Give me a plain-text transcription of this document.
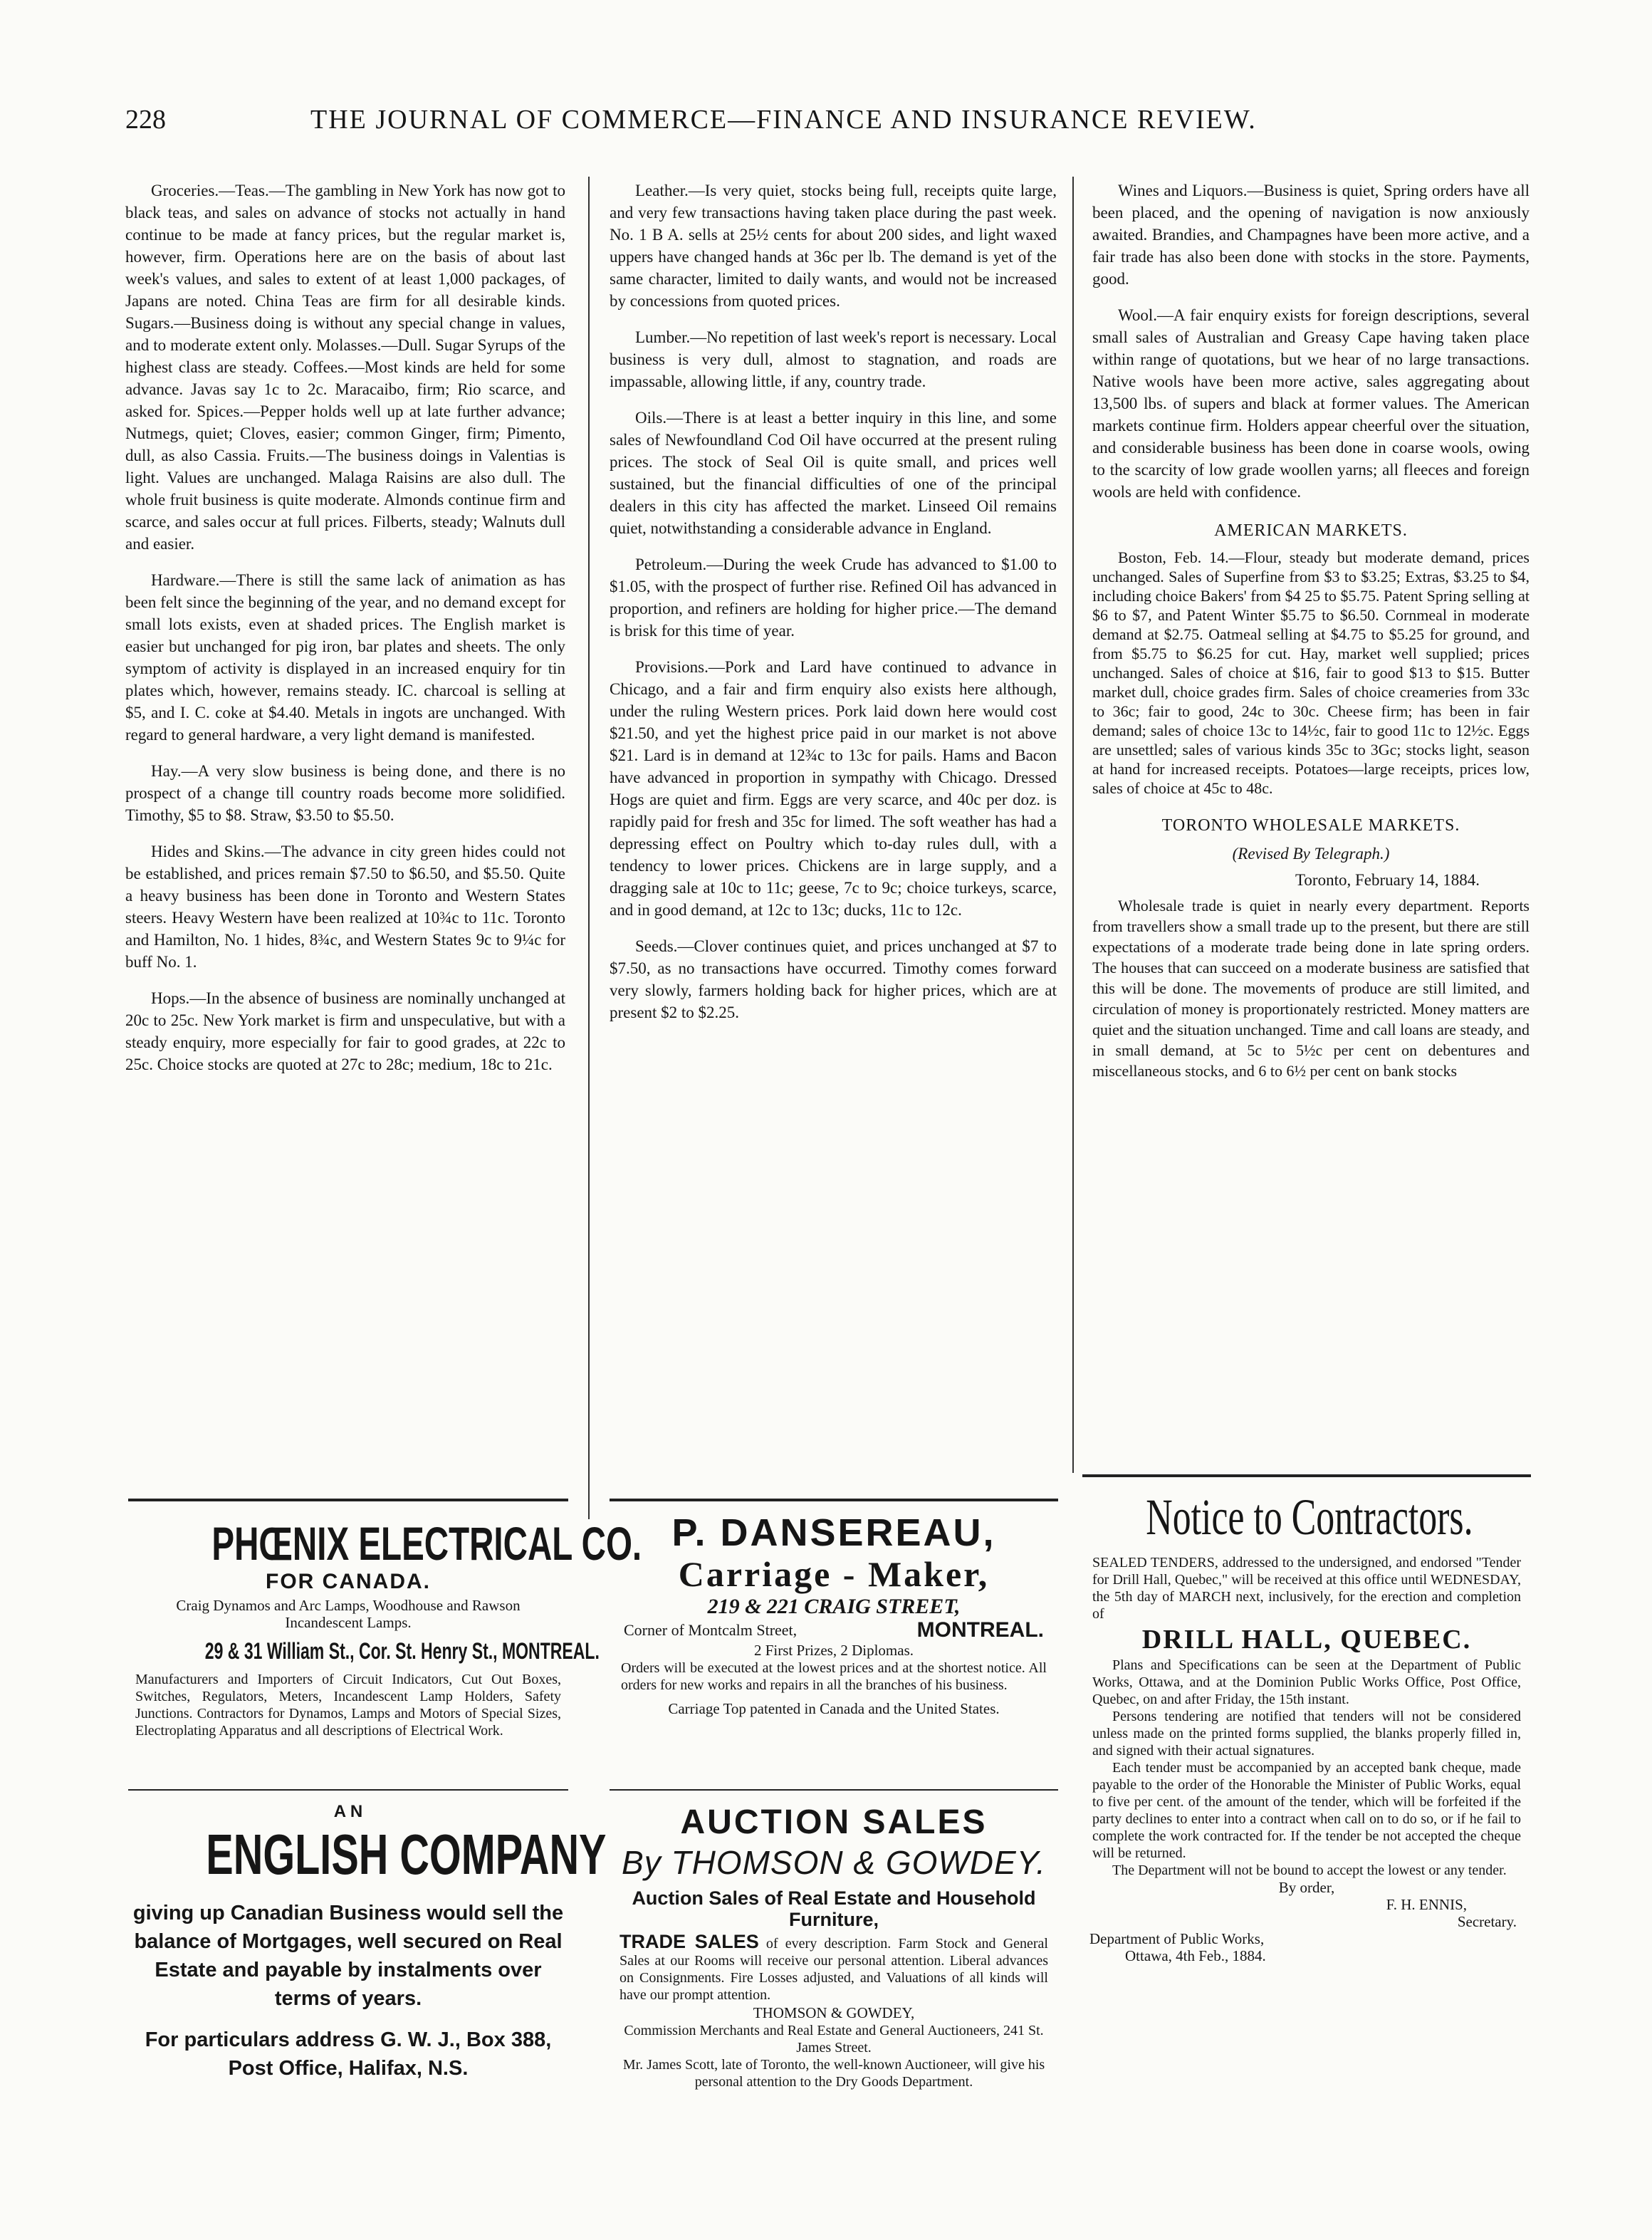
228	THE JOURNAL OF COMMERCE—FINANCE AND INSURANCE REVIEW.

Groceries.—Teas.—The gambling in New York has now got to black teas, and sales on advance of stocks not actually in hand continue to be made at fancy prices, but the regular market is, however, firm. Operations here are on the basis of about last week's values, and sales to extent of at least 1,000 packages, of Japans are noted. China Teas are firm for all desirable kinds. Sugars.—Business doing is without any special change in values, and to moderate extent only. Molasses.—Dull. Sugar Syrups of the highest class are steady. Coffees.—Most kinds are held for some advance. Javas say 1c to 2c. Maracaibo, firm; Rio scarce, and asked for. Spices.—Pepper holds well up at late further advance; Nutmegs, quiet; Cloves, easier; common Ginger, firm; Pimento, dull, as also Cassia. Fruits.—The business doings in Valentias is light. Values are unchanged. Malaga Raisins are also dull. The whole fruit business is quite moderate. Almonds continue firm and scarce, and sales occur at full prices. Filberts, steady; Walnuts dull and easier.

Hardware.—There is still the same lack of animation as has been felt since the beginning of the year, and no demand except for small lots exists, even at shaded prices. The English market is easier but unchanged for pig iron, bar plates and sheets. The only symptom of activity is displayed in an increased enquiry for tin plates which, however, remains steady. IC. charcoal is selling at $5, and I. C. coke at $4.40. Metals in ingots are unchanged. With regard to general hardware, a very light demand is manifested.

Hay.—A very slow business is being done, and there is no prospect of a change till country roads become more solidified. Timothy, $5 to $8. Straw, $3.50 to $5.50.

Hides and Skins.—The advance in city green hides could not be established, and prices remain $7.50 to $6.50, and $5.50. Quite a heavy business has been done in Toronto and Western States steers. Heavy Western have been realized at 10¾c to 11c. Toronto and Hamilton, No. 1 hides, 8¾c, and Western States 9c to 9¼c for buff No. 1.

Hops.—In the absence of business are nominally unchanged at 20c to 25c. New York market is firm and unspeculative, but with a steady enquiry, more especially for fair to good grades, at 22c to 25c. Choice stocks are quoted at 27c to 28c; medium, 18c to 21c.

Leather.—Is very quiet, stocks being full, receipts quite large, and very few transactions having taken place during the past week. No. 1 B A. sells at 25½ cents for about 200 sides, and light waxed uppers have changed hands at 36c per lb. The demand is yet of the same character, limited to daily wants, and would not be increased by concessions from quoted prices.

Lumber.—No repetition of last week's report is necessary. Local business is very dull, almost to stagnation, and roads are impassable, allowing little, if any, country trade.

Oils.—There is at least a better inquiry in this line, and some sales of Newfoundland Cod Oil have occurred at the present ruling prices. The stock of Seal Oil is quite small, and prices well sustained, but the financial difficulties of one of the principal dealers in this city has affected the market. Linseed Oil remains quiet, notwithstanding a considerable advance in England.

Petroleum.—During the week Crude has advanced to $1.00 to $1.05, with the prospect of further rise. Refined Oil has advanced in proportion, and refiners are holding for higher price.—The demand is brisk for this time of year.

Provisions.—Pork and Lard have continued to advance in Chicago, and a fair and firm enquiry also exists here although, under the ruling Western prices. Pork laid down here would cost $21.50, and yet the highest price paid in our market is not above $21. Lard is in demand at 12¾c to 13c for pails. Hams and Bacon have advanced in proportion in sympathy with Chicago. Dressed Hogs are quiet and firm. Eggs are very scarce, and 40c per doz. is rapidly paid for fresh and 35c for limed. The soft weather has had a depressing effect on Poultry which to-day rules dull, with a tendency to lower prices. Chickens are in large supply, and a dragging sale at 10c to 11c; geese, 7c to 9c; choice turkeys, scarce, and in good demand, at 12c to 13c; ducks, 11c to 12c.

Seeds.—Clover continues quiet, and prices unchanged at $7 to $7.50, as no transactions have occurred. Timothy comes forward very slowly, farmers holding back for higher prices, which are at present $2 to $2.25.

Wines and Liquors.—Business is quiet, Spring orders have all been placed, and the opening of navigation is now anxiously awaited. Brandies, and Champagnes have been more active, and a fair trade has also been done with stocks in the store. Payments, good.

Wool.—A fair enquiry exists for foreign descriptions, several small sales of Australian and Greasy Cape having taken place within range of quotations, but we hear of no large transactions. Native wools have been more active, sales aggregating about 13,500 lbs. of supers and black at former values. The American markets continue firm. Holders appear cheerful over the situation, and considerable business has been done in coarse wools, owing to the scarcity of low grade woollen yarns; all fleeces and foreign wools are held with confidence.

AMERICAN MARKETS.

Boston, Feb. 14.—Flour, steady but moderate demand, prices unchanged. Sales of Superfine from $3 to $3.25; Extras, $3.25 to $4, including choice Bakers' from $4 25 to $5.75. Patent Spring selling at $6 to $7, and Patent Winter $5.75 to $6.50. Cornmeal in moderate demand at $2.75. Oatmeal selling at $4.75 to $5.25 for ground, and from $5.75 to $6.25 for cut. Hay, market well supplied; prices unchanged. Sales of choice at $16, fair to good $13 to $15. Butter market dull, choice grades firm. Sales of choice creameries from 33c to 36c; fair to good, 24c to 30c. Cheese firm; has been in fair demand; sales of choice 13c to 14½c, fair to good 11c to 12½c. Eggs are unsettled; sales of various kinds 35c to 3Gc; stocks light, season at hand for increased receipts. Potatoes—large receipts, prices low, sales of choice at 45c to 48c.

TORONTO WHOLESALE MARKETS.
(Revised By Telegraph.)
Toronto, February 14, 1884.

Wholesale trade is quiet in nearly every department. Reports from travellers show a small trade up to the present, but there are still expectations of a moderate trade being done in late spring orders. The houses that can succeed on a moderate business are satisfied that this will be done. The movements of produce are still limited, and circulation of money is proportionately restricted. Money matters are quiet and the situation unchanged. Time and call loans are steady, and in small demand, at 5c to 5½c per cent on debentures and miscellaneous stocks, and 6 to 6½ per cent on bank stocks

PHŒNIX ELECTRICAL CO.

FOR CANADA.

Craig Dynamos and Arc Lamps, Woodhouse and Rawson Incandescent Lamps.

29 & 31 William St., Cor. St. Henry St., MONTREAL.

Manufacturers and Importers of Circuit Indicators, Cut Out Boxes, Switches, Regulators, Meters, Incandescent Lamp Holders, Safety Junctions. Contractors for Dynamos, Lamps and Motors of Special Sizes, Electroplating Apparatus and all descriptions of Electrical Work.

A N

ENGLISH COMPANY

giving up Canadian Business would sell the balance of Mortgages, well secured on Real Estate and payable by instalments over terms of years.

For particulars address G. W. J., Box 388, Post Office, Halifax, N.S.

P. DANSEREAU,

Carriage - Maker,

219 & 221 CRAIG STREET,

Corner of Montcalm Street,	MONTREAL.

2 First Prizes, 2 Diplomas.

Orders will be executed at the lowest prices and at the shortest notice. All orders for new works and repairs in all the branches of his business.

Carriage Top patented in Canada and the United States.

AUCTION SALES

By THOMSON & GOWDEY.

Auction Sales of Real Estate and Household Furniture,

TRADE SALES of every description. Farm Stock and General Sales at our Rooms will receive our personal attention. Liberal advances on Consignments. Fire Losses adjusted, and Valuations of all kinds will have our prompt attention.

THOMSON & GOWDEY,

Commission Merchants and Real Estate and General Auctioneers, 241 St. James Street.

Mr. James Scott, late of Toronto, the well-known Auctioneer, will give his personal attention to the Dry Goods Department.

Notice to Contractors.

SEALED TENDERS, addressed to the undersigned, and endorsed "Tender for Drill Hall, Quebec," will be received at this office until WEDNESDAY, the 5th day of MARCH next, inclusively, for the erection and completion of

DRILL HALL, QUEBEC.

Plans and Specifications can be seen at the Department of Public Works, Ottawa, and at the Dominion Public Works Office, Post Office, Quebec, on and after Friday, the 15th instant.

Persons tendering are notified that tenders will not be considered unless made on the printed forms supplied, the blanks properly filled in, and signed with their actual signatures.

Each tender must be accompanied by an accepted bank cheque, made payable to the order of the Honorable the Minister of Public Works, equal to five per cent. of the amount of the tender, which will be forfeited if the party declines to enter into a contract when call on to do so, or if he fail to complete the work contracted for. If the tender be not accepted the cheque will be returned.

The Department will not be bound to accept the lowest or any tender.

By order,

F. H. ENNIS,

Secretary.

Department of Public Works,

Ottawa, 4th Feb., 1884.
